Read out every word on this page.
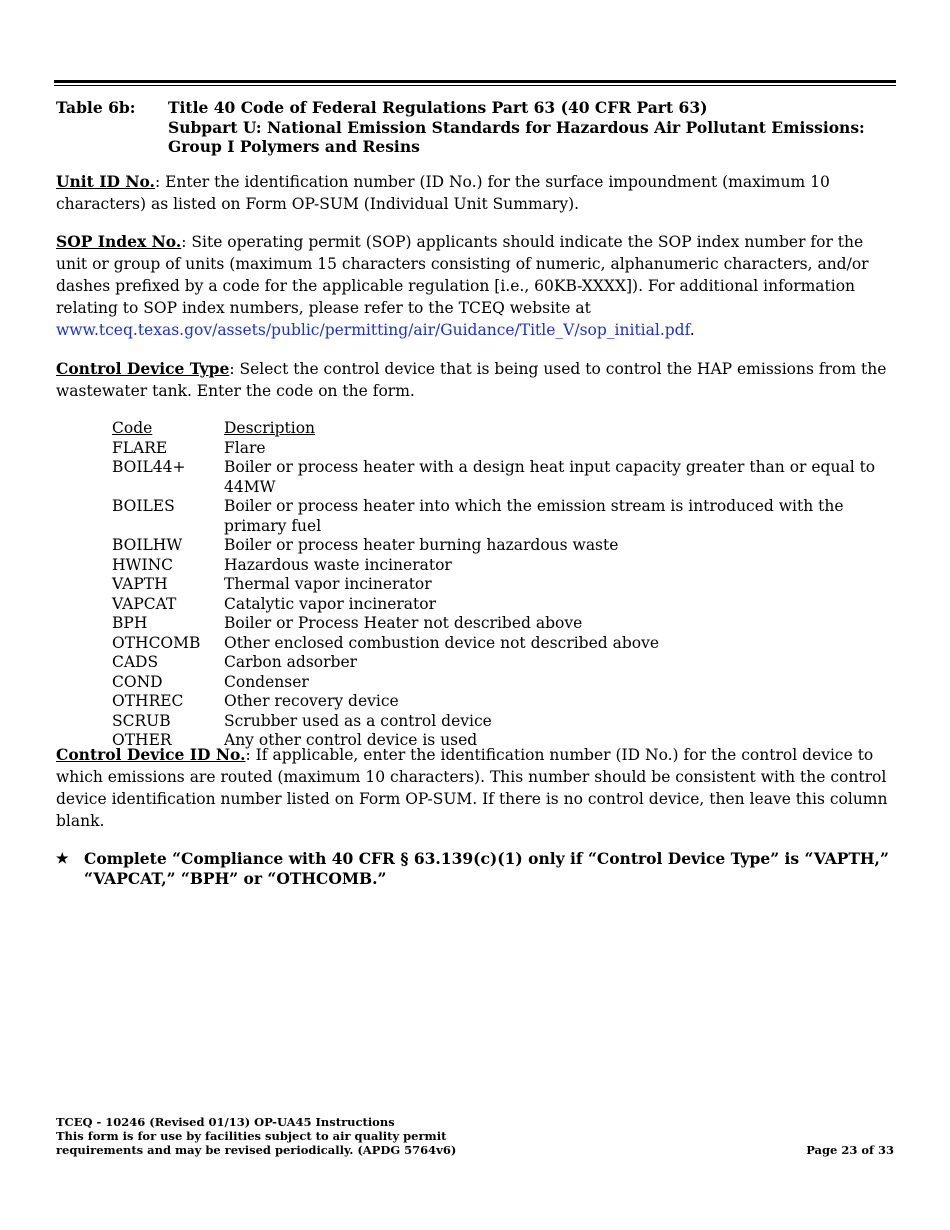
Table 6b: Title 40 Code of Federal Regulations Part 63 (40 CFR Part 63)
Subpart U: National Emission Standards for Hazardous Air Pollutant Emissions:
Group I Polymers and Resins

Unit ID No.: Enter the identification number (ID No.) for the surface impoundment (maximum 10 characters) as listed on Form OP-SUM (Individual Unit Summary).

SOP Index No.: Site operating permit (SOP) applicants should indicate the SOP index number for the unit or group of units (maximum 15 characters consisting of numeric, alphanumeric characters, and/or dashes prefixed by a code for the applicable regulation [i.e., 60KB-XXXX]). For additional information relating to SOP index numbers, please refer to the TCEQ website at
www.tceq.texas.gov/assets/public/permitting/air/Guidance/Title_V/sop_initial.pdf.

Control Device Type: Select the control device that is being used to control the HAP emissions from the wastewater tank. Enter the code on the form.

Code	Description
FLARE	Flare
BOIL44+	Boiler or process heater with a design heat input capacity greater than or equal to 44MW
BOILES	Boiler or process heater into which the emission stream is introduced with the primary fuel
BOILHW	Boiler or process heater burning hazardous waste
HWINC	Hazardous waste incinerator
VAPTH	Thermal vapor incinerator
VAPCAT	Catalytic vapor incinerator
BPH	Boiler or Process Heater not described above
OTHCOMB	Other enclosed combustion device not described above
CADS	Carbon adsorber
COND	Condenser
OTHREC	Other recovery device
SCRUB	Scrubber used as a control device
OTHER	Any other control device is used

Control Device ID No.: If applicable, enter the identification number (ID No.) for the control device to which emissions are routed (maximum 10 characters). This number should be consistent with the control device identification number listed on Form OP-SUM. If there is no control device, then leave this column blank.

★ Complete “Compliance with 40 CFR § 63.139(c)(1) only if “Control Device Type” is “VAPTH,” “VAPCAT,” “BPH” or “OTHCOMB.”
TCEQ - 10246 (Revised 01/13) OP-UA45 Instructions
This form is for use by facilities subject to air quality permit
requirements and may be revised periodically. (APDG 5764v6)	Page 23 of 33
